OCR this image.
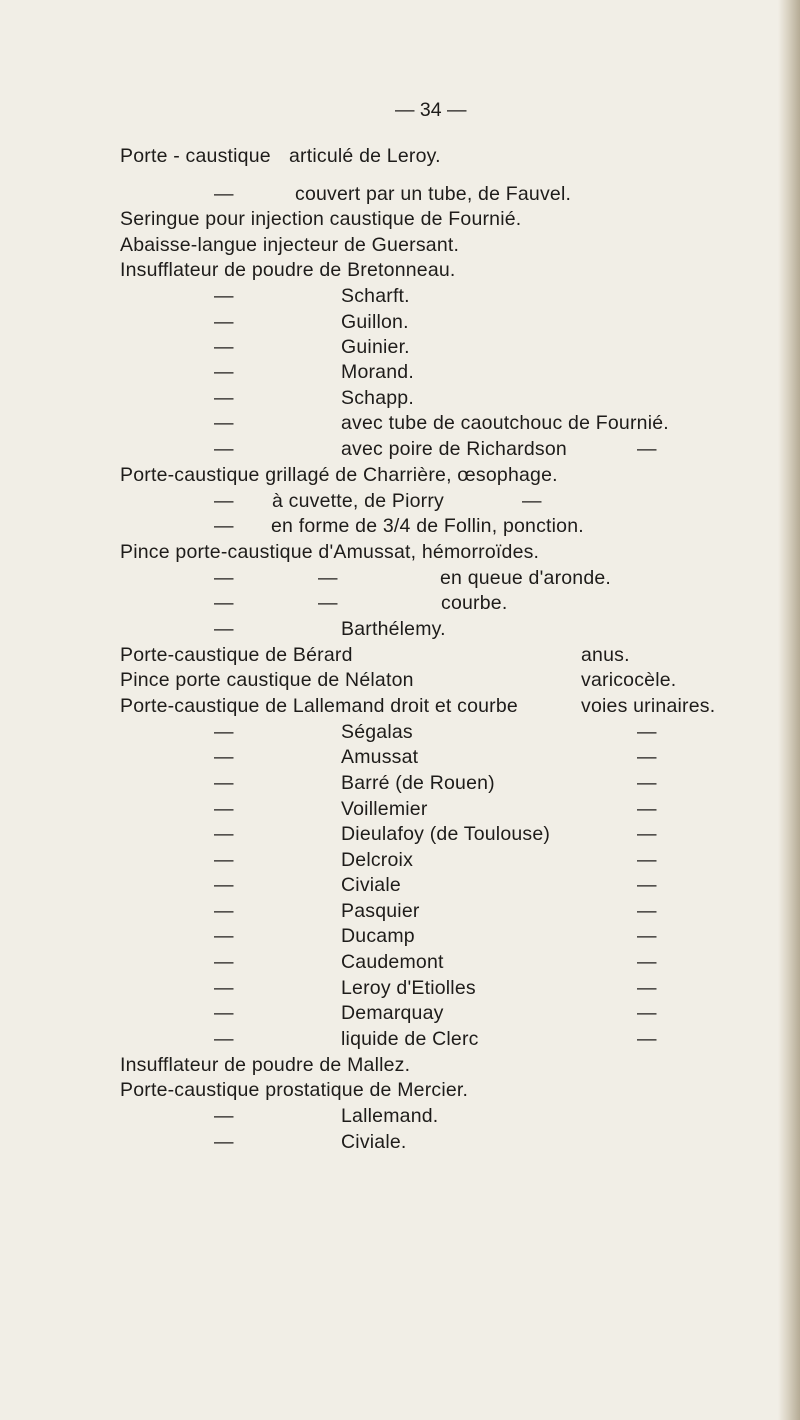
— 34 —
Porte - caustique articulé de Leroy.
—	couvert par un tube, de Fauvel.
Seringue pour injection caustique de Fournié.
Abaisse-langue injecteur de Guersant.
Insufflateur de poudre de Bretonneau.
—	Scharft.
—	Guillon.
—	Guinier.
—	Morand.
—	Schapp.
—	avec tube de caoutchouc de Fournié.
—	avec poire de Richardson	—
Porte-caustique grillagé de Charrière, œsophage.
— à cuvette, de Piorry	—
— en forme de 3/4 de Follin, ponction.
Pince porte-caustique d'Amussat, hémorroïdes.
—	—	en queue d'aronde.
—	—	courbe.
—	Barthélemy.
Porte-caustique de Bérard	anus.
Pince porte caustique de Nélaton	varicocèle.
Porte-caustique de Lallemand droit et courbe	voies urinaires.
—	Ségalas	—
—	Amussat	—
—	Barré (de Rouen)	—
—	Voillemier	—
—	Dieulafoy (de Toulouse)	—
—	Delcroix	—
—	Civiale	—
—	Pasquier	—
—	Ducamp	—
—	Caudemont	—
—	Leroy d'Etiolles	—
—	Demarquay	—
—	liquide de Clerc	—
Insufflateur de poudre de Mallez.
Porte-caustique prostatique de Mercier.
—	Lallemand.
—	Civiale.
